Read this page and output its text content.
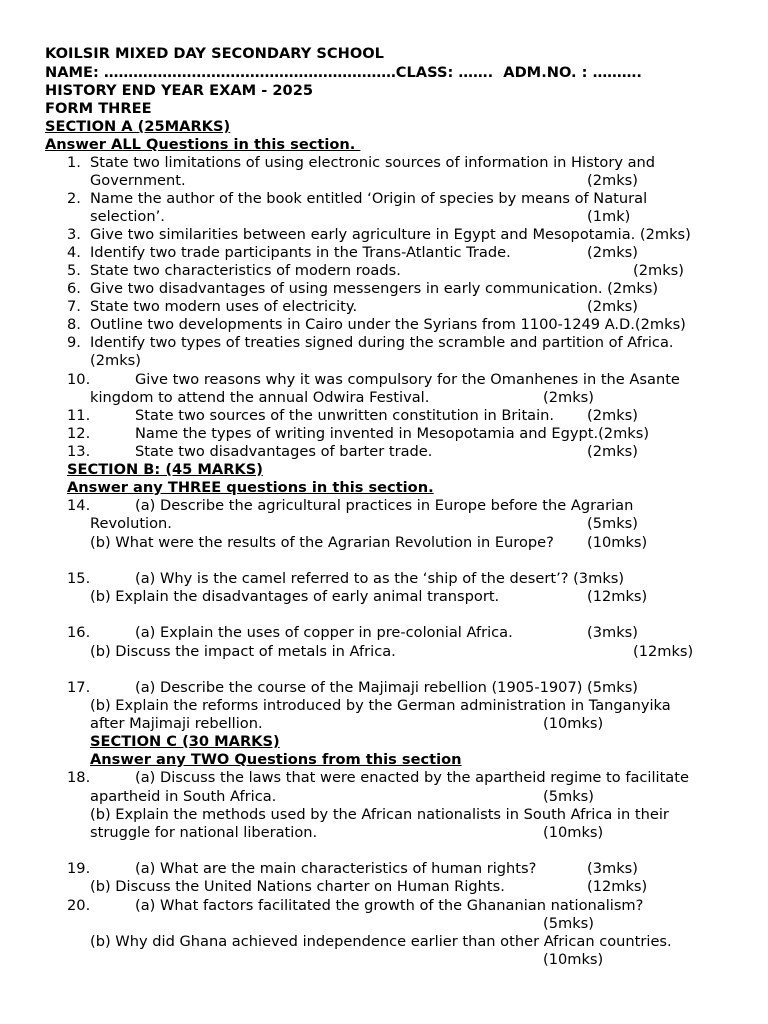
KOILSIR MIXED DAY SECONDARY SCHOOL
NAME: ……………………………………………………CLASS: …….  ADM.NO. : ……….
HISTORY END YEAR EXAM - 2025
FORM THREE
SECTION A (25MARKS)
Answer ALL Questions in this section.
1. State two limitations of using electronic sources of information in History and
Government.	(2mks)
2. Name the author of the book entitled ‘Origin of species by means of Natural
selection’.	(1mk)
3. Give two similarities between early agriculture in Egypt and Mesopotamia. (2mks)
4. Identify two trade participants in the Trans-Atlantic Trade.	(2mks)
5. State two characteristics of modern roads.	(2mks)
6. Give two disadvantages of using messengers in early communication. (2mks)
7. State two modern uses of electricity.	(2mks)
8. Outline two developments in Cairo under the Syrians from 1100-1249 A.D.(2mks)
9. Identify two types of treaties signed during the scramble and partition of Africa.
(2mks)
10.	Give two reasons why it was compulsory for the Omanhenes in the Asante
kingdom to attend the annual Odwira Festival.	(2mks)
11.	State two sources of the unwritten constitution in Britain. (2mks)
12.	Name the types of writing invented in Mesopotamia and Egypt.(2mks)
13.	State two disadvantages of barter trade.	(2mks)
SECTION B: (45 MARKS)
Answer any THREE questions in this section.
14.	(a) Describe the agricultural practices in Europe before the Agrarian
Revolution.	(5mks)
(b) What were the results of the Agrarian Revolution in Europe? (10mks)
15.	(a) Why is the camel referred to as the ‘ship of the desert’? (3mks)
(b) Explain the disadvantages of early animal transport.	(12mks)
16.	(a) Explain the uses of copper in pre-colonial Africa.	(3mks)
(b) Discuss the impact of metals in Africa.	(12mks)
17.	(a) Describe the course of the Majimaji rebellion (1905-1907) (5mks)
(b) Explain the reforms introduced by the German administration in Tanganyika
after Majimaji rebellion.	(10mks)
SECTION C (30 MARKS)
Answer any TWO Questions from this section
18.	(a) Discuss the laws that were enacted by the apartheid regime to facilitate
apartheid in South Africa.	(5mks)
(b) Explain the methods used by the African nationalists in South Africa in their
struggle for national liberation.	(10mks)
19.	(a) What are the main characteristics of human rights?	(3mks)
(b) Discuss the United Nations charter on Human Rights.	(12mks)
20.	(a) What factors facilitated the growth of the Ghananian nationalism?
(5mks)
(b) Why did Ghana achieved independence earlier than other African countries.
(10mks)
